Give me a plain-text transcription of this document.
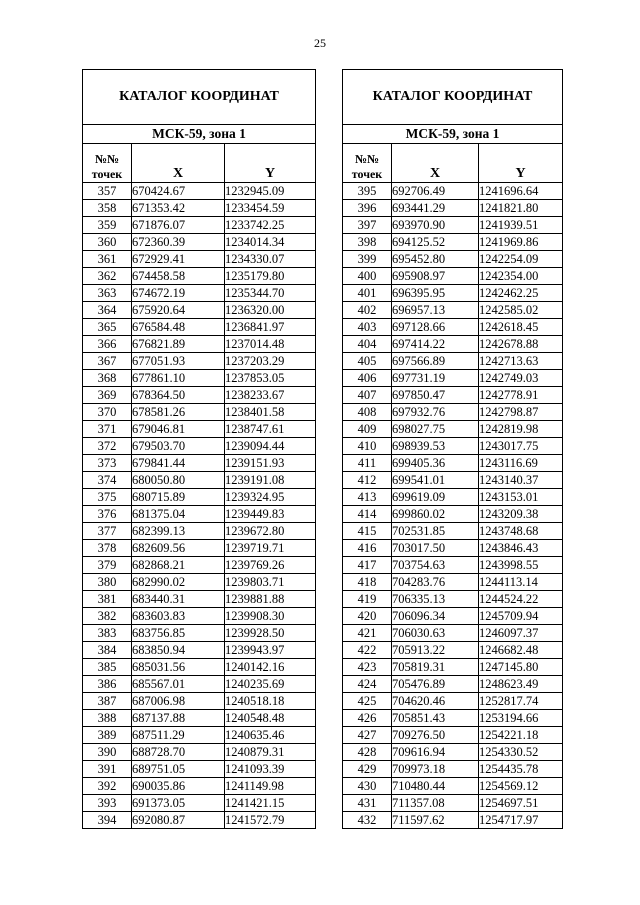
25
КАТАЛОГ КООРДИНАТ		
МСК-59, зона 1		
№№
точек	X	Y
357	670424.67	1232945.09
358	671353.42	1233454.59
359	671876.07	1233742.25
360	672360.39	1234014.34
361	672929.41	1234330.07
362	674458.58	1235179.80
363	674672.19	1235344.70
364	675920.64	1236320.00
365	676584.48	1236841.97
366	676821.89	1237014.48
367	677051.93	1237203.29
368	677861.10	1237853.05
369	678364.50	1238233.67
370	678581.26	1238401.58
371	679046.81	1238747.61
372	679503.70	1239094.44
373	679841.44	1239151.93
374	680050.80	1239191.08
375	680715.89	1239324.95
376	681375.04	1239449.83
377	682399.13	1239672.80
378	682609.56	1239719.71
379	682868.21	1239769.26
380	682990.02	1239803.71
381	683440.31	1239881.88
382	683603.83	1239908.30
383	683756.85	1239928.50
384	683850.94	1239943.97
385	685031.56	1240142.16
386	685567.01	1240235.69
387	687006.98	1240518.18
388	687137.88	1240548.48
389	687511.29	1240635.46
390	688728.70	1240879.31
391	689751.05	1241093.39
392	690035.86	1241149.98
393	691373.05	1241421.15
394	692080.87	1241572.79
КАТАЛОГ КООРДИНАТ		
МСК-59, зона 1		
№№
точек	X	Y
395	692706.49	1241696.64
396	693441.29	1241821.80
397	693970.90	1241939.51
398	694125.52	1241969.86
399	695452.80	1242254.09
400	695908.97	1242354.00
401	696395.95	1242462.25
402	696957.13	1242585.02
403	697128.66	1242618.45
404	697414.22	1242678.88
405	697566.89	1242713.63
406	697731.19	1242749.03
407	697850.47	1242778.91
408	697932.76	1242798.87
409	698027.75	1242819.98
410	698939.53	1243017.75
411	699405.36	1243116.69
412	699541.01	1243140.37
413	699619.09	1243153.01
414	699860.02	1243209.38
415	702531.85	1243748.68
416	703017.50	1243846.43
417	703754.63	1243998.55
418	704283.76	1244113.14
419	706335.13	1244524.22
420	706096.34	1245709.94
421	706030.63	1246097.37
422	705913.22	1246682.48
423	705819.31	1247145.80
424	705476.89	1248623.49
425	704620.46	1252817.74
426	705851.43	1253194.66
427	709276.50	1254221.18
428	709616.94	1254330.52
429	709973.18	1254435.78
430	710480.44	1254569.12
431	711357.08	1254697.51
432	711597.62	1254717.97
